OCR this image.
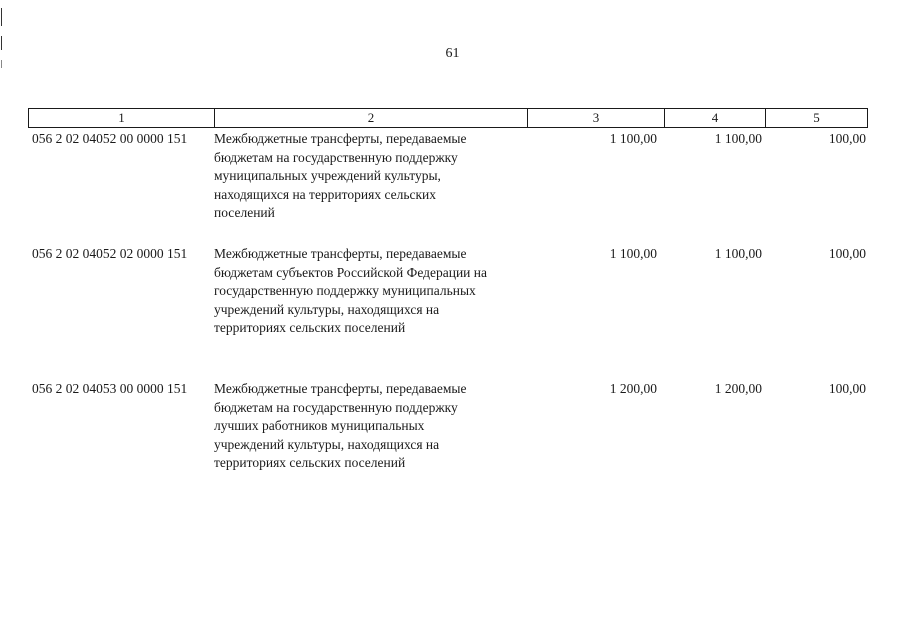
61
1	2	3	4	5
056 2 02 04052 00 0000 151	Межбюджетные трансферты, передаваемые
бюджетам на государственную поддержку
муниципальных учреждений культуры,
находящихся на территориях сельских
поселений
1 100,00	1 100,00	100,00
056 2 02 04052 02 0000 151	Межбюджетные трансферты, передаваемые
бюджетам субъектов Российской Федерации на
государственную поддержку муниципальных
учреждений культуры, находящихся на
территориях сельских поселений
1 100,00	1 100,00	100,00
056 2 02 04053 00 0000 151	Межбюджетные трансферты, передаваемые
бюджетам на государственную поддержку
лучших работников муниципальных
учреждений культуры, находящихся на
территориях сельских поселений
1 200,00	1 200,00	100,00
